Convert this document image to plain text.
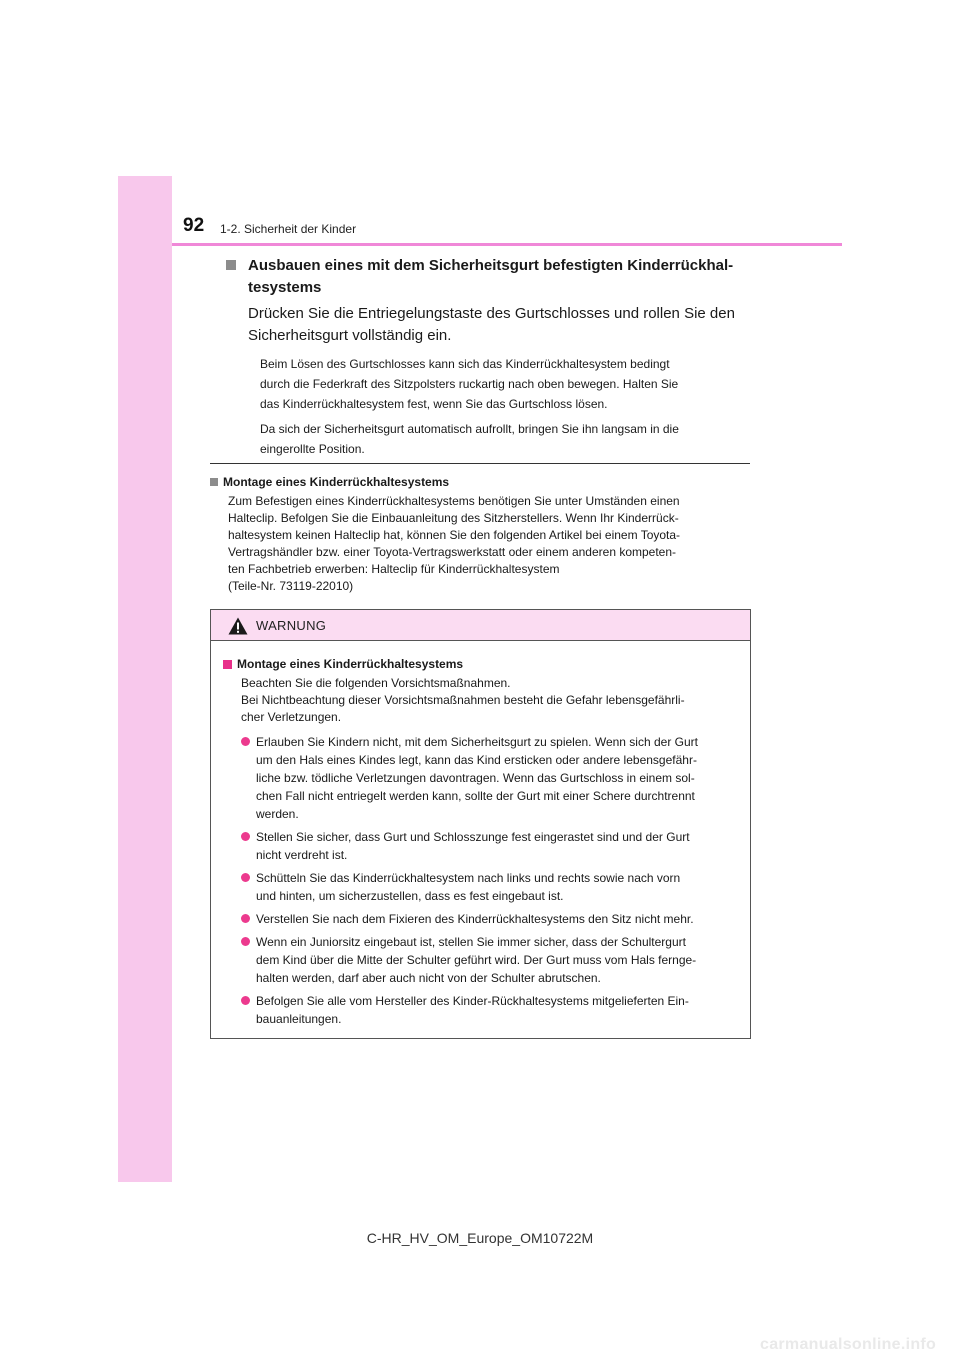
92 1-2. Sicherheit der Kinder
Ausbauen eines mit dem Sicherheitsgurt befestigten Kinderrückhal-
tesystems
Drücken Sie die Entriegelungstaste des Gurtschlosses und rollen Sie den
Sicherheitsgurt vollständig ein.
Beim Lösen des Gurtschlosses kann sich das Kinderrückhaltesystem bedingt
durch die Federkraft des Sitzpolsters ruckartig nach oben bewegen. Halten Sie
das Kinderrückhaltesystem fest, wenn Sie das Gurtschloss lösen.
Da sich der Sicherheitsgurt automatisch aufrollt, bringen Sie ihn langsam in die
eingerollte Position.
Montage eines Kinderrückhaltesystems
Zum Befestigen eines Kinderrückhaltesystems benötigen Sie unter Umständen einen
Halteclip. Befolgen Sie die Einbauanleitung des Sitzherstellers. Wenn Ihr Kinderrück-
haltesystem keinen Halteclip hat, können Sie den folgenden Artikel bei einem Toyota-
Vertragshändler bzw. einer Toyota-Vertragswerkstatt oder einem anderen kompeten-
ten Fachbetrieb erwerben: Halteclip für Kinderrückhaltesystem
(Teile-Nr. 73119-22010)
WARNUNG
Montage eines Kinderrückhaltesystems
Beachten Sie die folgenden Vorsichtsmaßnahmen.
Bei Nichtbeachtung dieser Vorsichtsmaßnahmen besteht die Gefahr lebensgefährli-
cher Verletzungen.
Erlauben Sie Kindern nicht, mit dem Sicherheitsgurt zu spielen. Wenn sich der Gurt
um den Hals eines Kindes legt, kann das Kind ersticken oder andere lebensgefähr-
liche bzw. tödliche Verletzungen davontragen. Wenn das Gurtschloss in einem sol-
chen Fall nicht entriegelt werden kann, sollte der Gurt mit einer Schere durchtrennt
werden.
Stellen Sie sicher, dass Gurt und Schlosszunge fest eingerastet sind und der Gurt
nicht verdreht ist.
Schütteln Sie das Kinderrückhaltesystem nach links und rechts sowie nach vorn
und hinten, um sicherzustellen, dass es fest eingebaut ist.
Verstellen Sie nach dem Fixieren des Kinderrückhaltesystems den Sitz nicht mehr.
Wenn ein Juniorsitz eingebaut ist, stellen Sie immer sicher, dass der Schultergurt
dem Kind über die Mitte der Schulter geführt wird. Der Gurt muss vom Hals fernge-
halten werden, darf aber auch nicht von der Schulter abrutschen.
Befolgen Sie alle vom Hersteller des Kinder-Rückhaltesystems mitgelieferten Ein-
bauanleitungen.
C-HR_HV_OM_Europe_OM10722M
carmanualsonline.info
